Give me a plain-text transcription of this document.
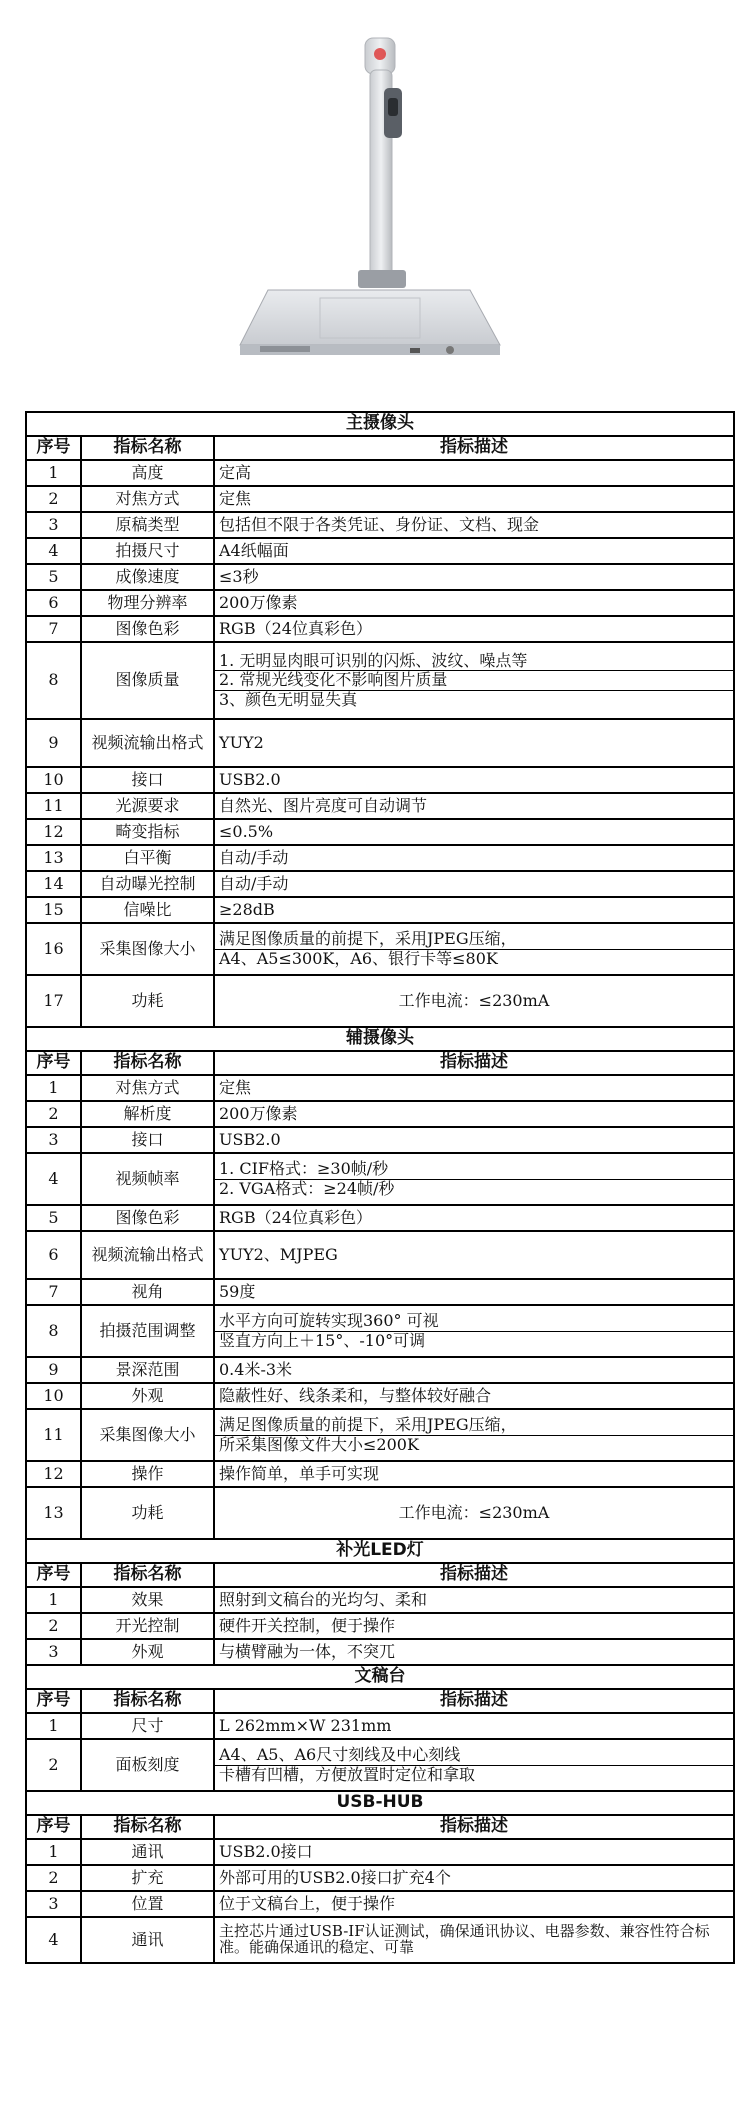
主摄像头		
序号	指标名称	指标描述
1	高度	定高
2	对焦方式	定焦
3	原稿类型	包括但不限于各类凭证、身份证、文档、现金
4	拍摄尺寸	A4纸幅面
5	成像速度	≤3秒
6	物理分辨率	200万像素
7	图像色彩	RGB（24位真彩色）
8	图像质量	1. 无明显肉眼可识别的闪烁、波纹、噪点等
2. 常规光线变化不影响图片质量
3、颜色无明显失真

9	视频流输出格式	YUY2
10	接口	USB2.0
11	光源要求	自然光、图片亮度可自动调节
12	畸变指标	≤0.5%
13	白平衡	自动/手动
14	自动曝光控制	自动/手动
15	信噪比	≥28dB
16	采集图像大小	满足图像质量的前提下，采用JPEG压缩，
A4、A5≤300K，A6、银行卡等≤80K

17	功耗	工作电流：≤230mA
辅摄像头		
序号	指标名称	指标描述
1	对焦方式	定焦
2	解析度	200万像素
3	接口	USB2.0
4	视频帧率	1. CIF格式：≥30帧/秒
2. VGA格式：≥24帧/秒

5	图像色彩	RGB（24位真彩色）
6	视频流输出格式	YUY2、MJPEG
7	视角	59度
8	拍摄范围调整	水平方向可旋转实现360° 可视
竖直方向上＋15°、-10°可调

9	景深范围	0.4米-3米
10	外观	隐蔽性好、线条柔和，与整体较好融合
11	采集图像大小	满足图像质量的前提下，采用JPEG压缩，
所采集图像文件大小≤200K

12	操作	操作简单，单手可实现
13	功耗	工作电流：≤230mA
补光LED灯		
序号	指标名称	指标描述
1	效果	照射到文稿台的光均匀、柔和
2	开光控制	硬件开关控制，便于操作
3	外观	与横臂融为一体，不突兀
文稿台		
序号	指标名称	指标描述
1	尺寸	L 262mm×W 231mm
2	面板刻度	A4、A5、A6尺寸刻线及中心刻线
卡槽有凹槽，方便放置时定位和拿取

USB-HUB		
序号	指标名称	指标描述
1	通讯	USB2.0接口
2	扩充	外部可用的USB2.0接口扩充4个
3	位置	位于文稿台上，便于操作
4	通讯	主控芯片通过USB-IF认证测试，确保通讯协议、电器参数、兼容性符合标准。能确保通讯的稳定、可靠
